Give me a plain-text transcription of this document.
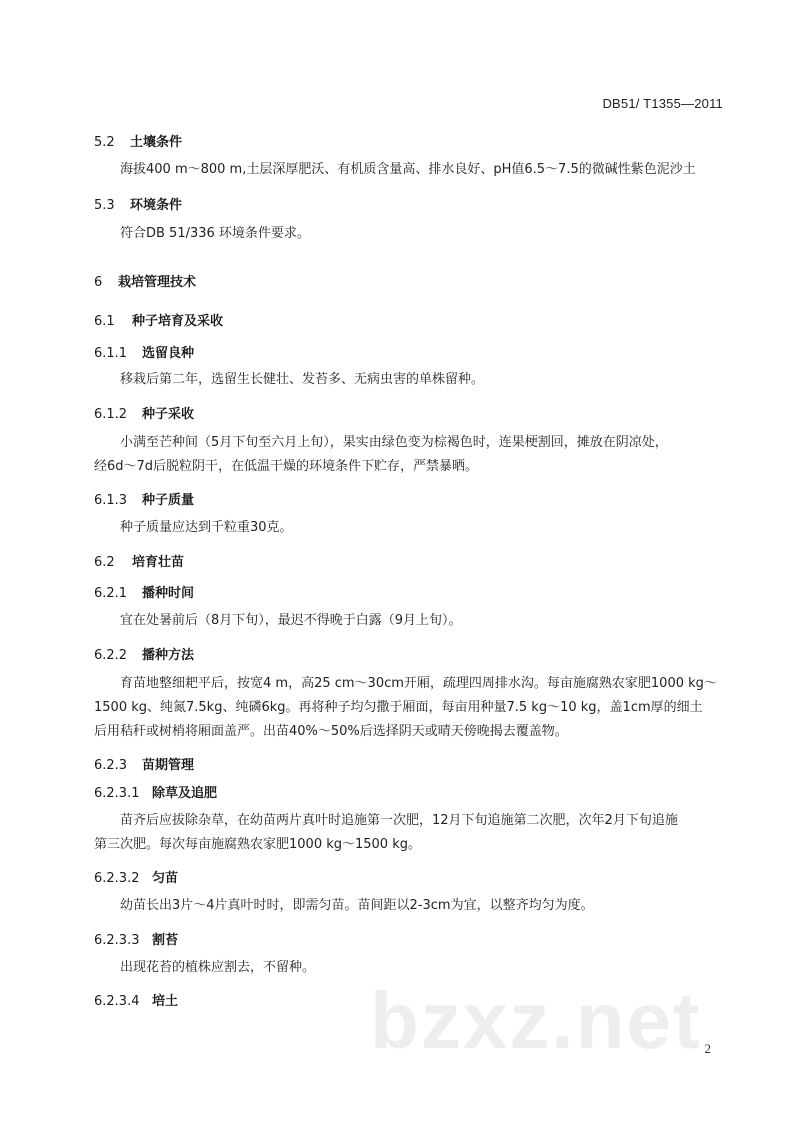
DB51/ T1355—2011
5.2 土壤条件
海拔400 m～800 m,土层深厚肥沃、有机质含量高、排水良好、pH值6.5～7.5的微碱性紫色泥沙土
5.3 环境条件
符合DB 51/336 环境条件要求。
6 栽培管理技术
6.1 种子培育及采收
6.1.1 选留良种
移栽后第二年，选留生长健壮、发苔多、无病虫害的单株留种。
6.1.2 种子采收
小满至芒种间（5月下旬至六月上旬），果实由绿色变为棕褐色时，连果梗割回，摊放在阴凉处，
经6d～7d后脱粒阴干，在低温干燥的环境条件下贮存，严禁暴晒。
6.1.3 种子质量
种子质量应达到千粒重30克。
6.2 培育壮苗
6.2.1 播种时间
宜在处暑前后（8月下旬），最迟不得晚于白露（9月上旬）。
6.2.2 播种方法
育苗地整细耙平后，按宽4 m，高25 cm～30cm开厢，疏理四周排水沟。每亩施腐熟农家肥1000 kg～
1500 kg、纯氮7.5kg、纯磷6kg。再将种子均匀撒于厢面，每亩用种量7.5 kg～10 kg，盖1cm厚的细土
后用秸秆或树梢将厢面盖严。出苗40%～50%后选择阴天或晴天傍晚揭去覆盖物。
6.2.3 苗期管理
6.2.3.1 除草及追肥
苗齐后应拔除杂草，在幼苗两片真叶时追施第一次肥，12月下旬追施第二次肥，次年2月下旬追施
第三次肥。每次每亩施腐熟农家肥1000 kg～1500 kg。
6.2.3.2 匀苗
幼苗长出3片～4片真叶时时，即需匀苗。苗间距以2-3cm为宜，以整齐均匀为度。
6.2.3.3 割苔
出现花苔的植株应割去，不留种。
6.2.3.4 培土 bzxz.net 2
